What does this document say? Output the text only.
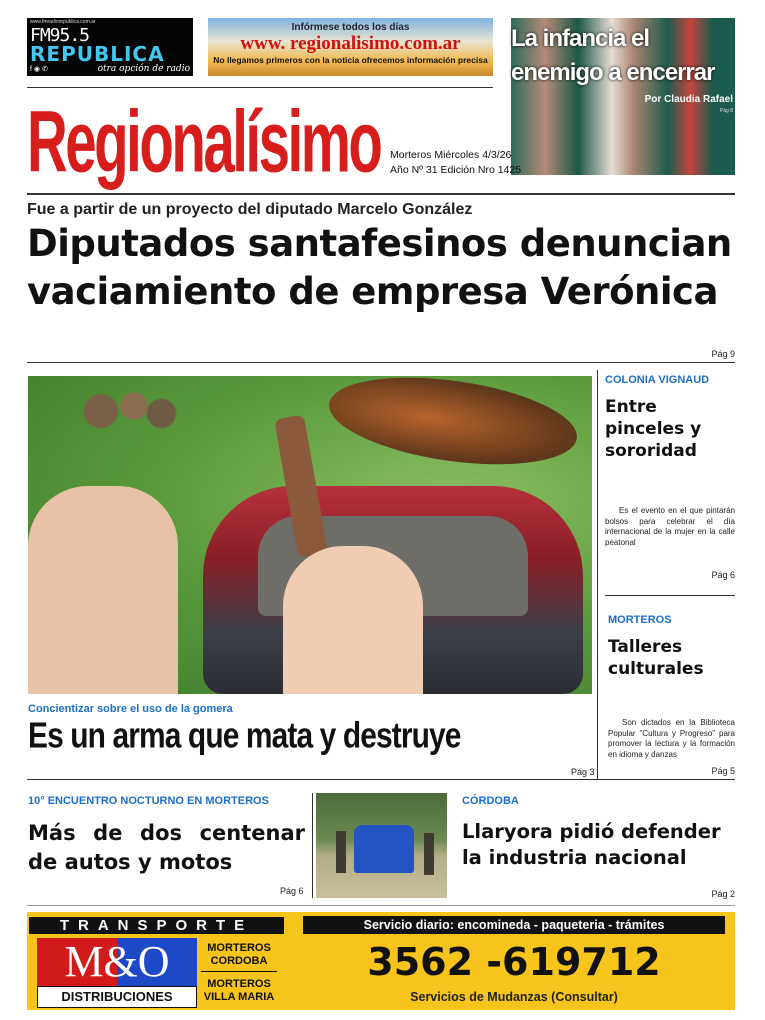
www.fmradiorepublica.com.ar
FM95.5
REPUBLICA
f ◉ ✆	otra opción de radio
Infórmese todos los días
www. regionalisimo.com.ar
No llegamos primeros con la noticia ofrecemos información precisa
La infancia el enemigo a encerrar
Por Claudia Rafael
Pág 8
Regionalísimo Morteros Miércoles 4/3/26
Año Nº 31 Edición Nro 1425
Fue a partir de un proyecto del diputado Marcelo González
Diputados santafesinos denuncian
vaciamiento de empresa Verónica
Pág 9
Concientizar sobre el uso de la gomera
Es un arma que mata y destruye
Pág 3
COLONIA VIGNAUD
Entre pinceles y sororidad

Es el evento en el que pintarán bolsos para celebrar el día internacional de la mujer en la calle peatonal

Pág 6
MORTEROS
Talleres culturales

Son dictados en la Biblioteca Popular "Cultura y Progreso" para promover la lectura y la formación en idioma y danzas

Pág 5
10° ENCUENTRO NOCTURNO EN MORTEROS
Más de dos centenar de autos y motos
Pág 6
CÓRDOBA
Llaryora pidió defender la industria nacional
Pág 2
TRANSPORTE
M&O
DISTRIBUCIONES
MORTEROS CORDOBA
MORTEROS VILLA MARIA
Servicio diario: encomineda - paqueteria - trámites
3562 -619712
Servicios de Mudanzas (Consultar)
